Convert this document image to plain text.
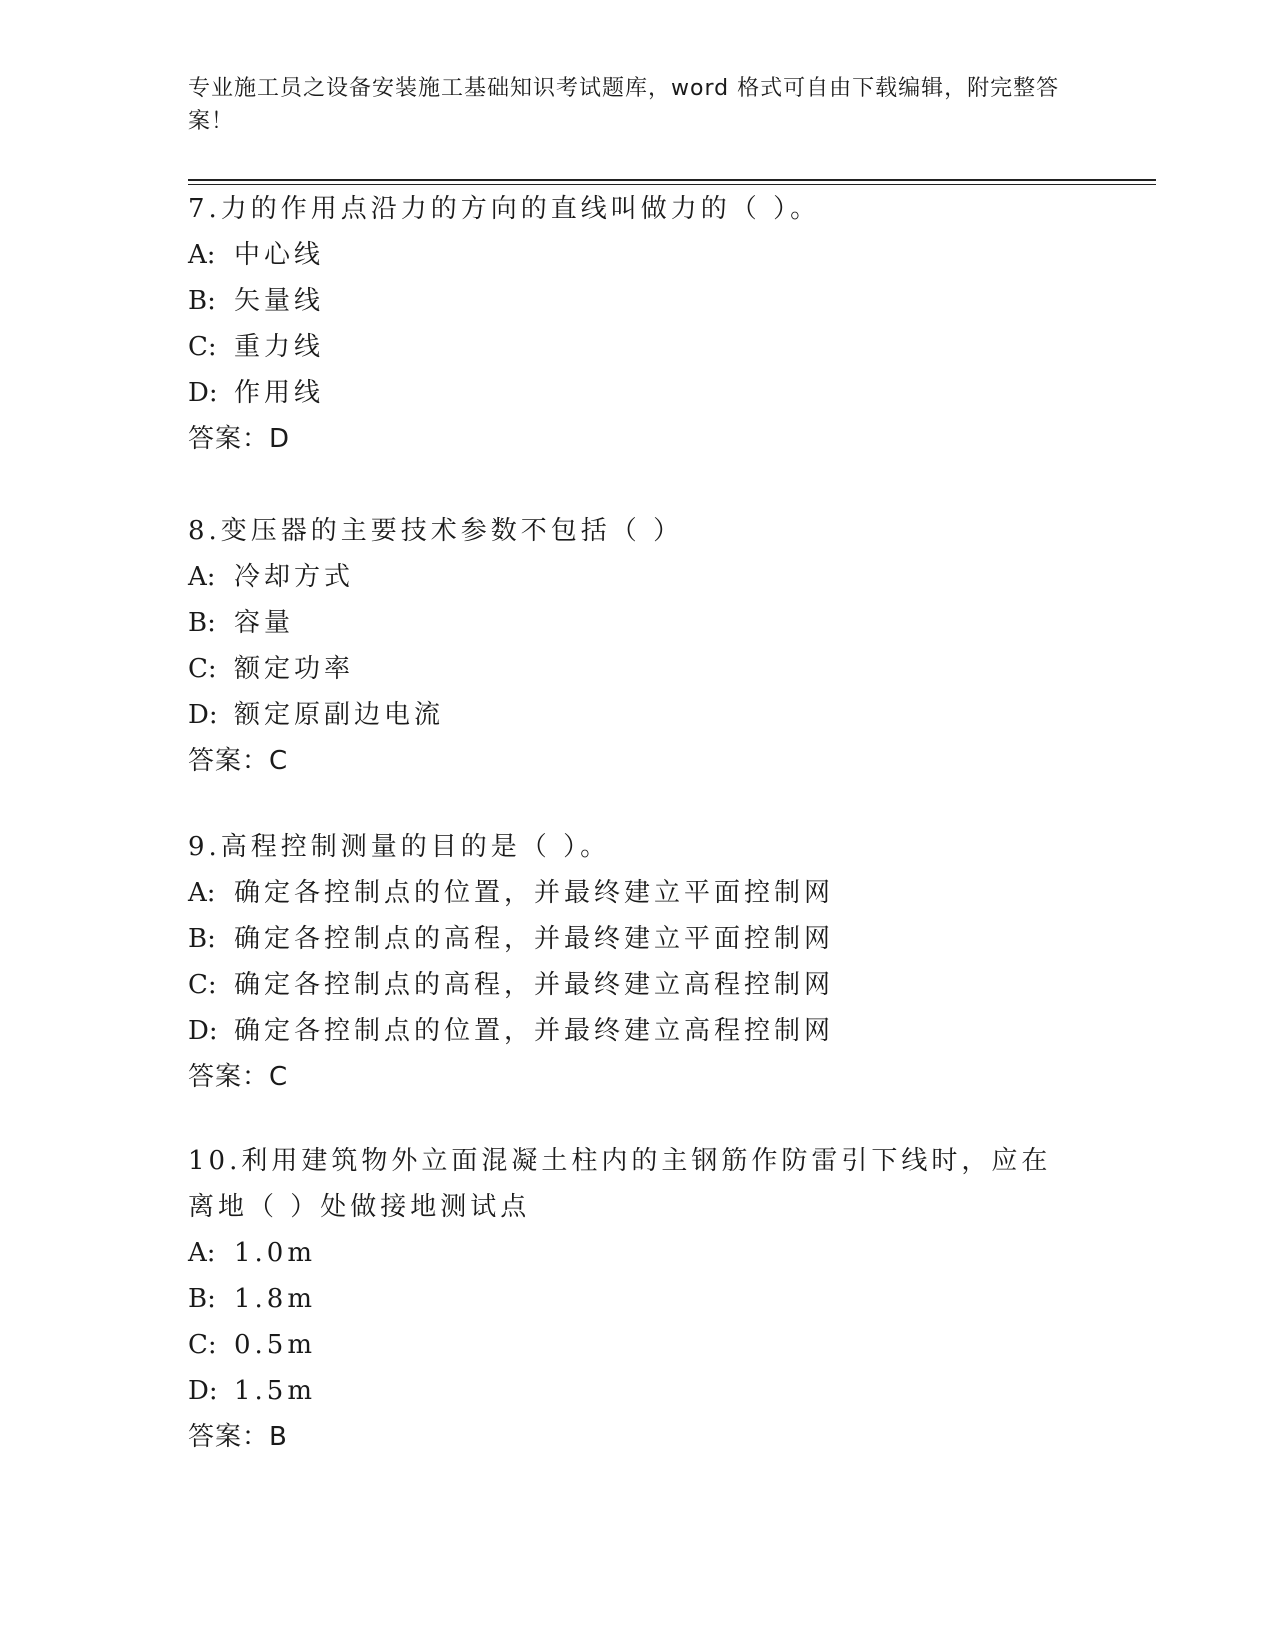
专业施工员之设备安装施工基础知识考试题库，word 格式可自由下载编辑，附完整答案！
7.力的作用点沿力的方向的直线叫做力的（ ）。
A: 中心线
B: 矢量线
C: 重力线
D: 作用线
答案：D
8.变压器的主要技术参数不包括（ ）
A: 冷却方式
B: 容量
C: 额定功率
D: 额定原副边电流
答案：C
9.高程控制测量的目的是（ ）。
A: 确定各控制点的位置，并最终建立平面控制网
B: 确定各控制点的高程，并最终建立平面控制网
C: 确定各控制点的高程，并最终建立高程控制网
D: 确定各控制点的位置，并最终建立高程控制网
答案：C
10.利用建筑物外立面混凝土柱内的主钢筋作防雷引下线时，应在离地（ ）处做接地测试点
A: 1.0m
B: 1.8m
C: 0.5m
D: 1.5m
答案：B
